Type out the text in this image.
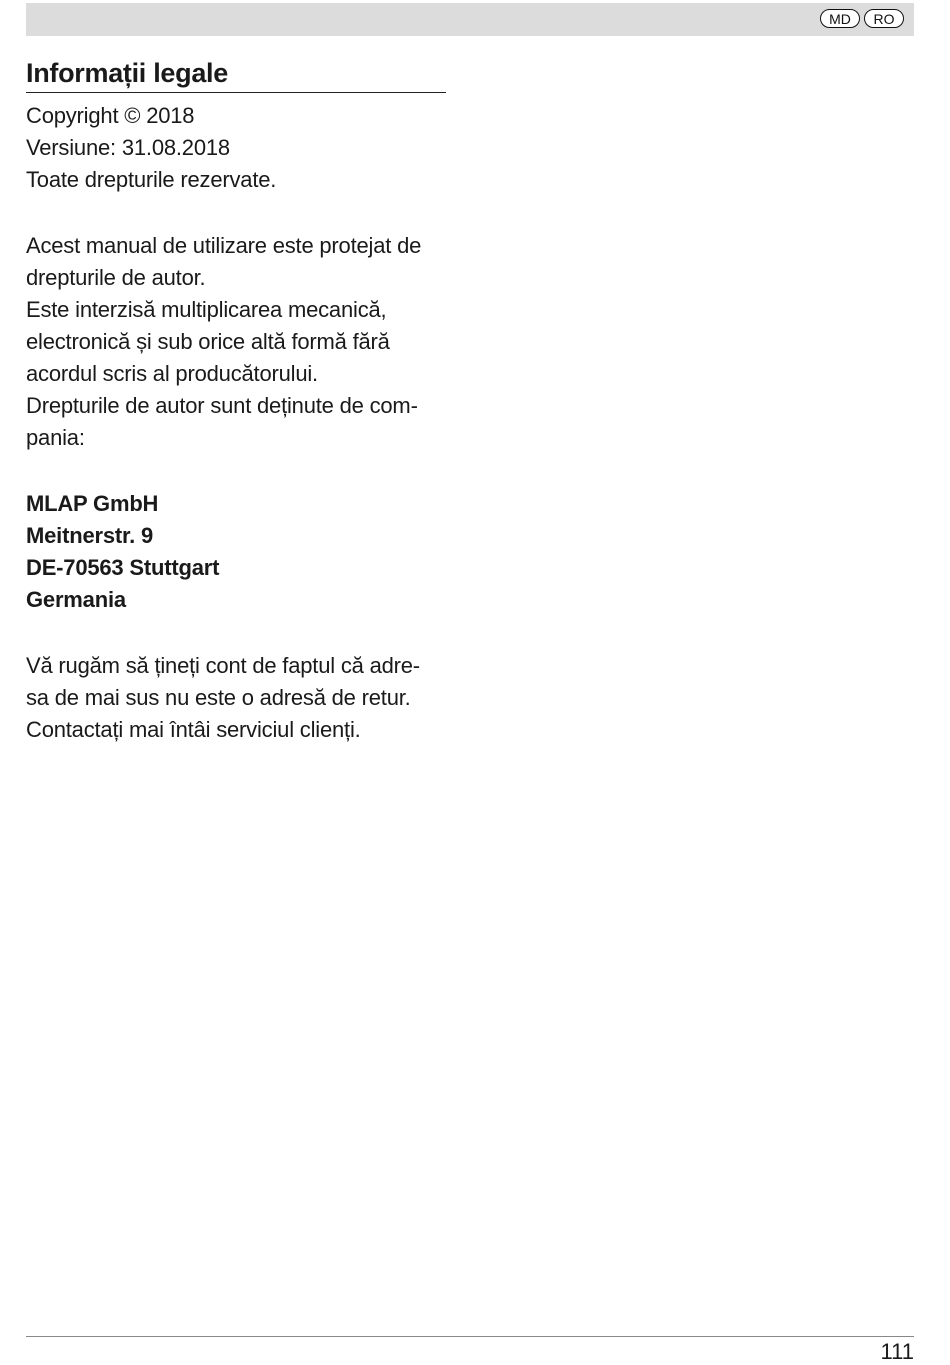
MD	RO
Informații legale

Copyright © 2018
Versiune: 31.08.2018
Toate drepturile rezervate.

Acest manual de utilizare este protejat de
drepturile de autor.
Este interzisă multiplicarea mecanică,
electronică și sub orice altă formă fără
acordul scris al producătorului.
Drepturile de autor sunt deținute de com-
pania:

MLAP GmbH
Meitnerstr. 9
DE-70563 Stuttgart
Germania

Vă rugăm să țineți cont de faptul că adre-
sa de mai sus nu este o adresă de retur.
Contactați mai întâi serviciul clienți.

111
